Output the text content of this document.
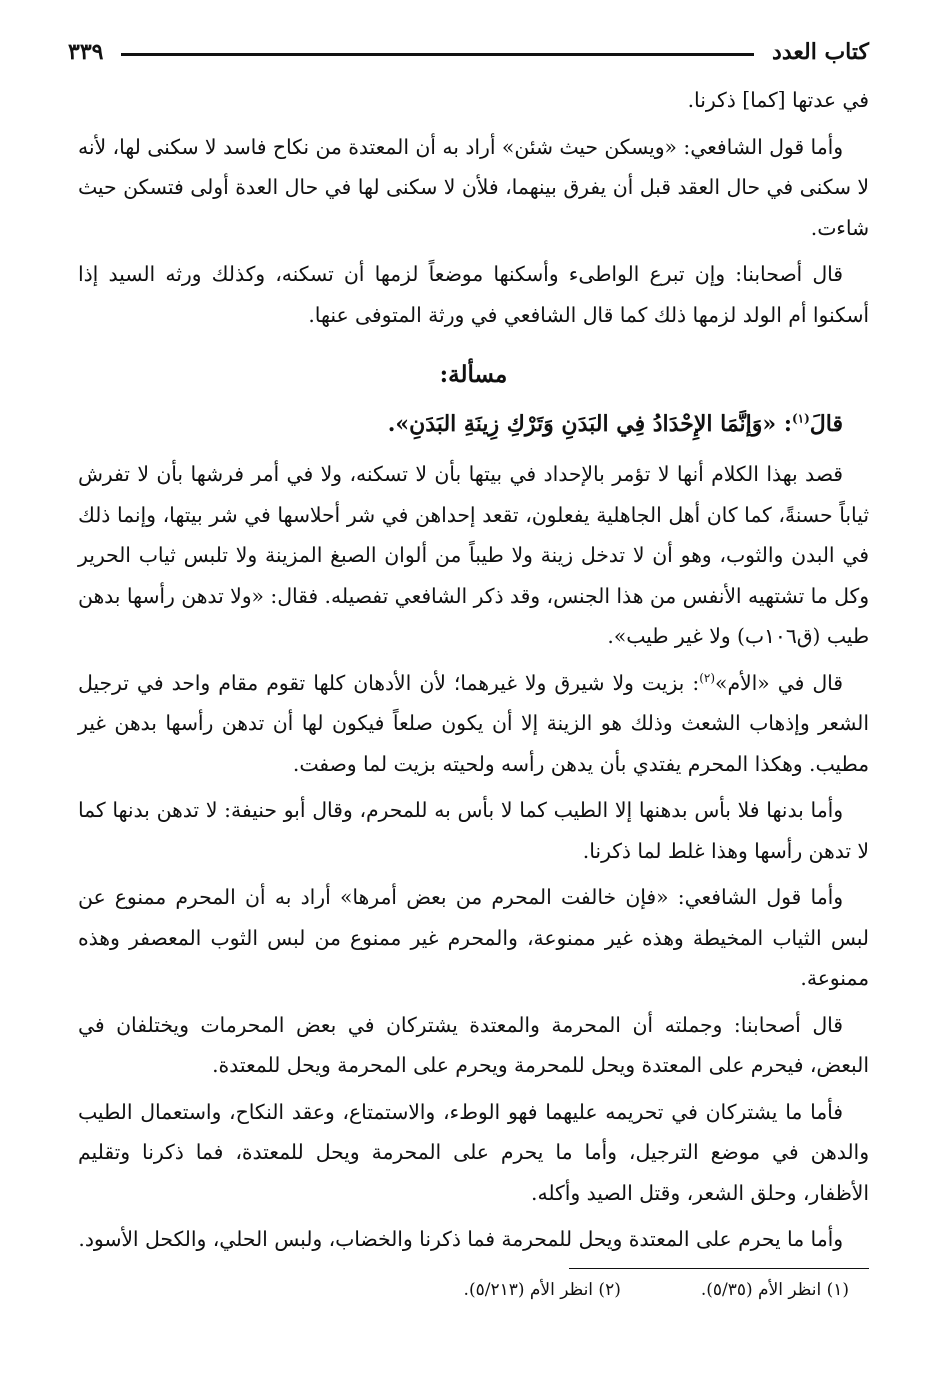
كتاب العدد
٣٣٩

في عدتها [كما] ذكرنا.

وأما قول الشافعي: «ويسكن حيث شئن» أراد به أن المعتدة من نكاح فاسد لا سكنى لها، لأنه لا سكنى في حال العقد قبل أن يفرق بينهما، فلأن لا سكنى لها في حال العدة أولى فتسكن حيث شاءت.

قال أصحابنا: وإن تبرع الواطىء وأسكنها موضعاً لزمها أن تسكنه، وكذلك ورثه السيد إذا أسكنوا أم الولد لزمها ذلك كما قال الشافعي في ورثة المتوفى عنها.

مسألة:

قالَ$^{(١)}$: «وَإنَّمَا الإِحْدَادُ فِي البَدَنِ وَتَرْكِ زِينَةِ البَدَنِ».

قصد بهذا الكلام أنها لا تؤمر بالإحداد في بيتها بأن لا تسكنه، ولا في أمر فرشها بأن لا تفرش ثياباً حسنةً، كما كان أهل الجاهلية يفعلون، تقعد إحداهن في شر أحلاسها في شر بيتها، وإنما ذلك في البدن والثوب، وهو أن لا تدخل زينة ولا طيباً من ألوان الصبغ المزينة ولا تلبس ثياب الحرير وكل ما تشتهيه الأنفس من هذا الجنس، وقد ذكر الشافعي تفصيله. فقال: «ولا تدهن رأسها بدهن طيب (ق١٠٦ب) ولا غير طيب».

قال في «الأم»$^{(٢)}$: بزيت ولا شيرق ولا غيرهما؛ لأن الأدهان كلها تقوم مقام واحد في ترجيل الشعر وإذهاب الشعث وذلك هو الزينة إلا أن يكون صلعاً فيكون لها أن تدهن رأسها بدهن غير مطيب. وهكذا المحرم يفتدي بأن يدهن رأسه ولحيته بزيت لما وصفت.

وأما بدنها فلا بأس بدهنها إلا الطيب كما لا بأس به للمحرم، وقال أبو حنيفة: لا تدهن بدنها كما لا تدهن رأسها وهذا غلط لما ذكرنا.

وأما قول الشافعي: «فإن خالفت المحرم من بعض أمرها» أراد به أن المحرم ممنوع عن لبس الثياب المخيطة وهذه غير ممنوعة، والمحرم غير ممنوع من لبس الثوب المعصفر وهذه ممنوعة.

قال أصحابنا: وجملته أن المحرمة والمعتدة يشتركان في بعض المحرمات ويختلفان في البعض، فيحرم على المعتدة ويحل للمحرمة ويحرم على المحرمة ويحل للمعتدة.

فأما ما يشتركان في تحريمه عليهما فهو الوطء، والاستمتاع، وعقد النكاح، واستعمال الطيب والدهن في موضع الترجيل، وأما ما يحرم على المحرمة ويحل للمعتدة، فما ذكرنا وتقليم الأظفار، وحلق الشعر، وقتل الصيد وأكله.

وأما ما يحرم على المعتدة ويحل للمحرمة فما ذكرنا والخضاب، ولبس الحلي، والكحل الأسود.

(١) انظر الأم (٥/٣٥).
(٢) انظر الأم (٥/٢١٣).
